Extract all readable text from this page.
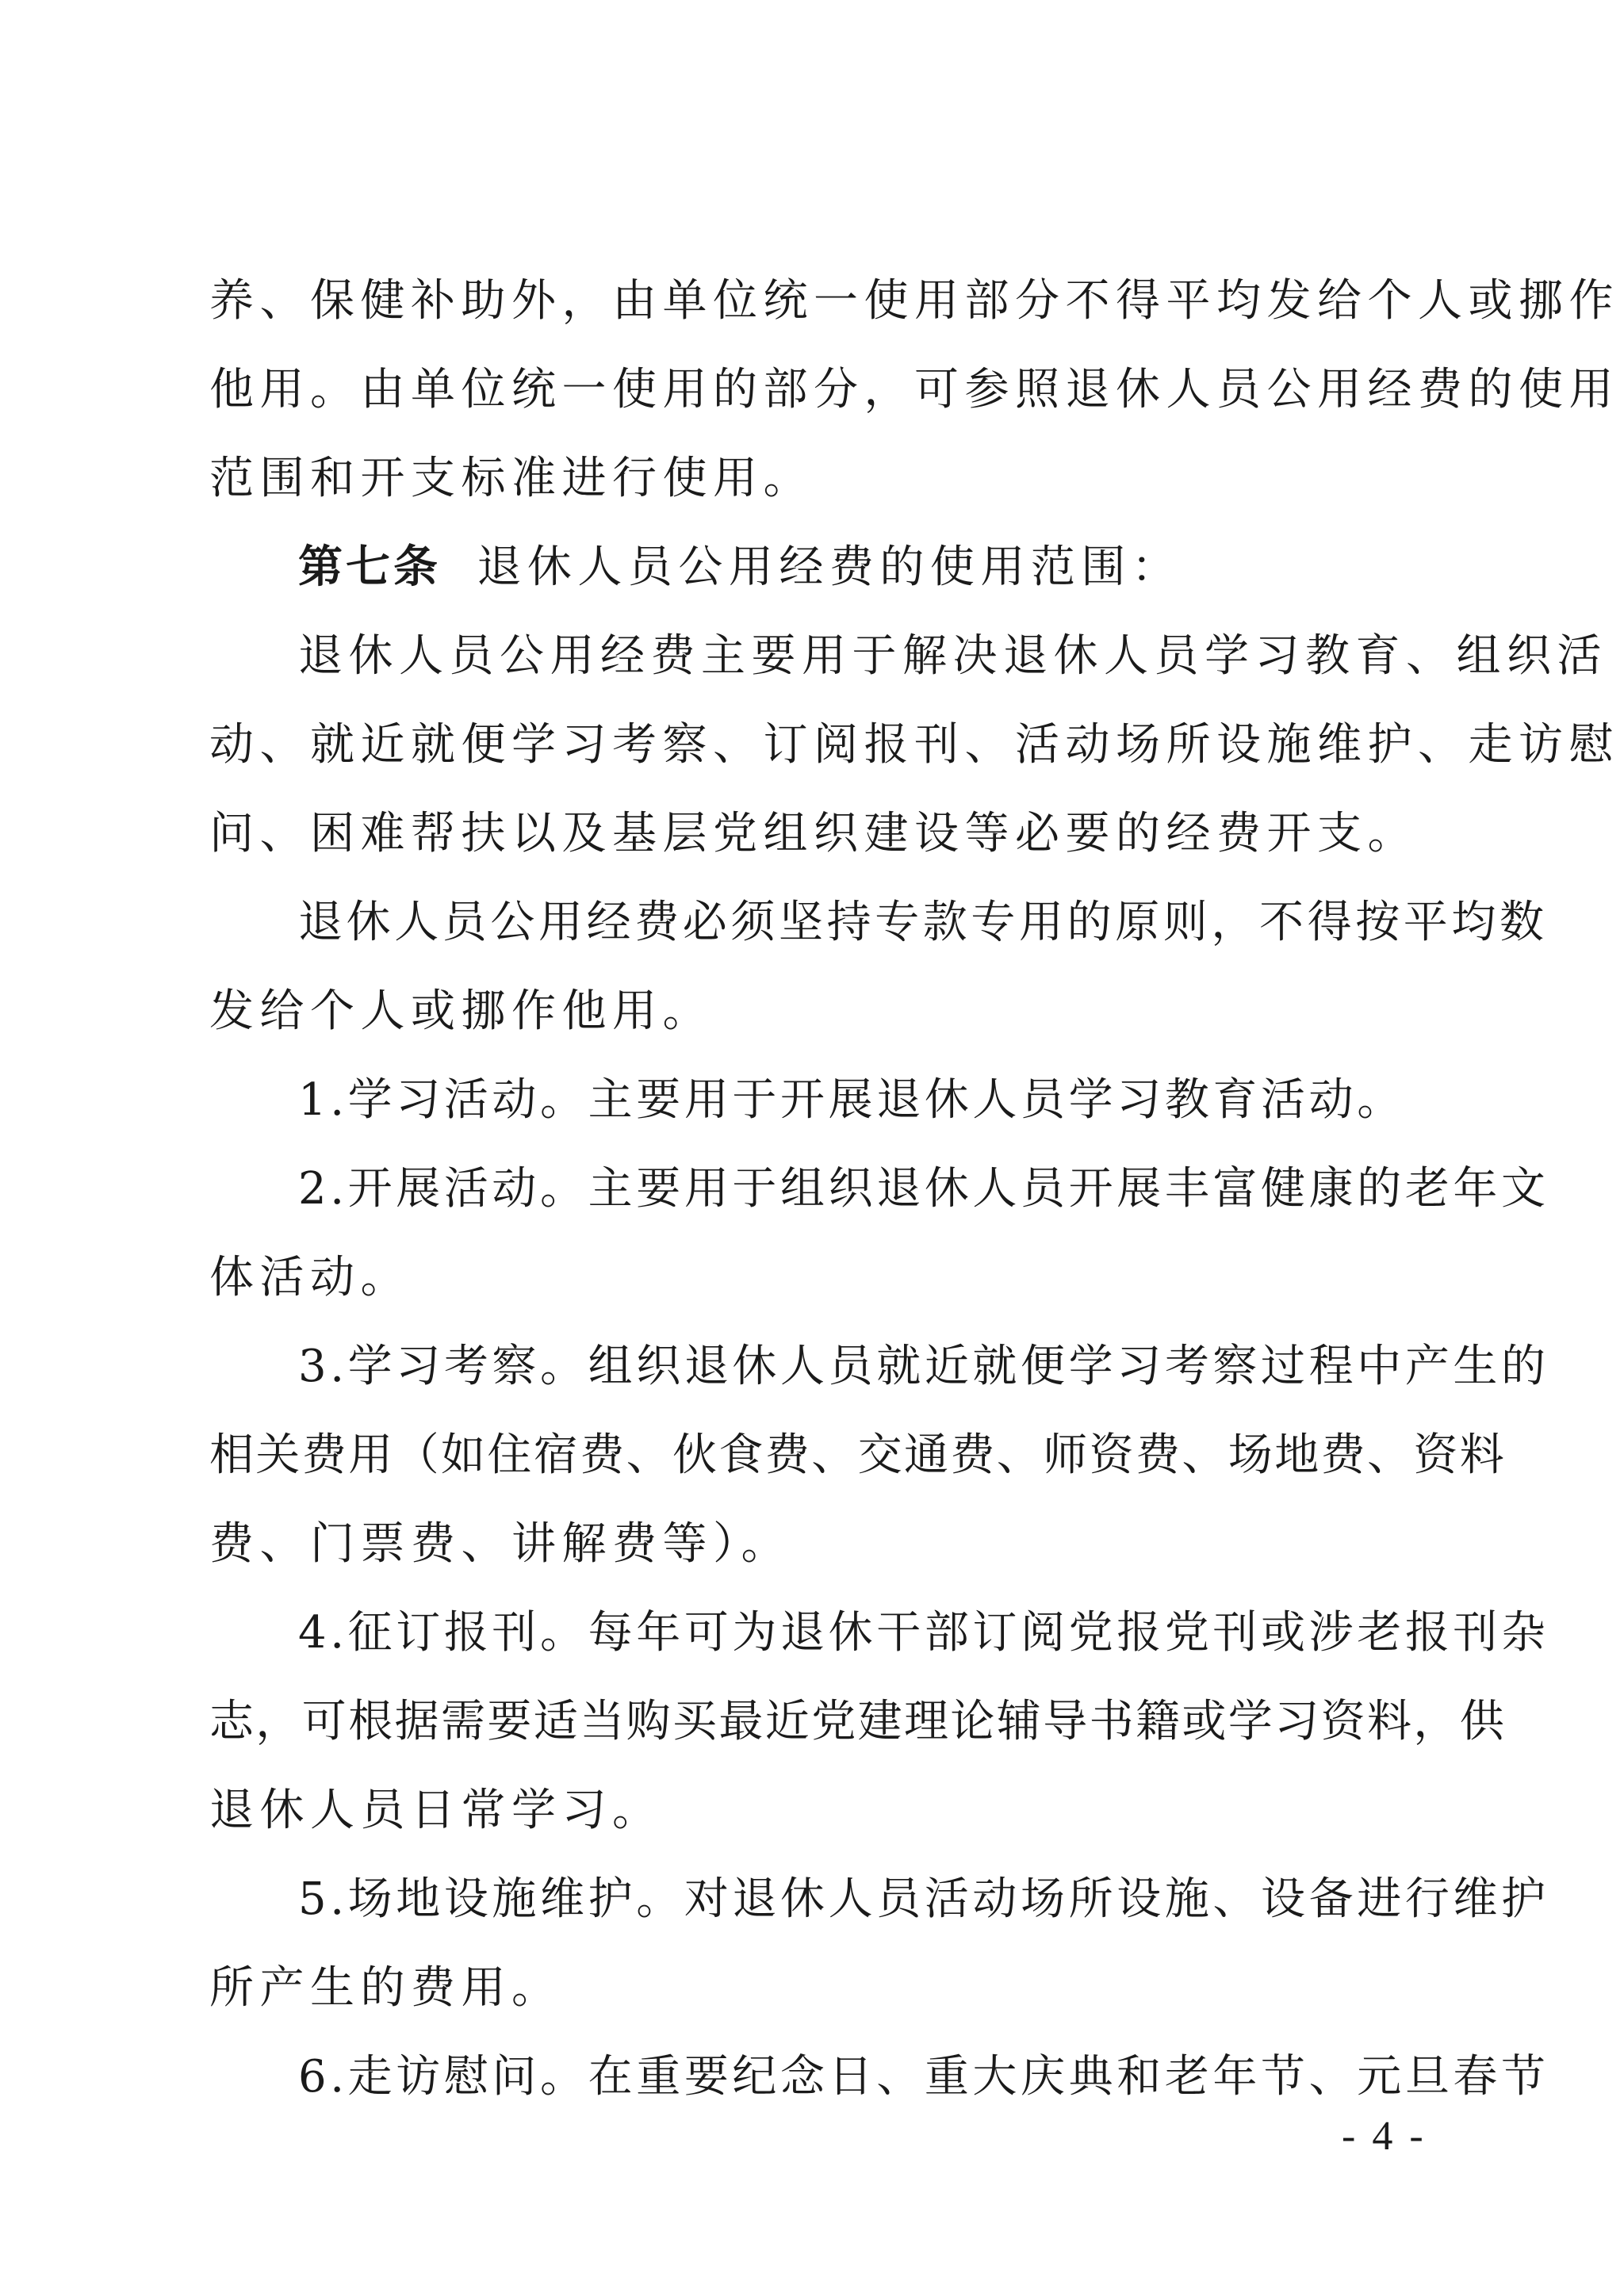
养、保健补助外，由单位统一使用部分不得平均发给个人或挪作
他用。由单位统一使用的部分，可参照退休人员公用经费的使用
范围和开支标准进行使用。
第七条 退休人员公用经费的使用范围：
退休人员公用经费主要用于解决退休人员学习教育、组织活
动、就近就便学习考察、订阅报刊、活动场所设施维护、走访慰
问、困难帮扶以及基层党组织建设等必要的经费开支。
退休人员公用经费必须坚持专款专用的原则，不得按平均数
发给个人或挪作他用。
1.学习活动。主要用于开展退休人员学习教育活动。
2.开展活动。主要用于组织退休人员开展丰富健康的老年文
体活动。
3.学习考察。组织退休人员就近就便学习考察过程中产生的
相关费用（如住宿费、伙食费、交通费、师资费、场地费、资料
费、门票费、讲解费等）。
4.征订报刊。每年可为退休干部订阅党报党刊或涉老报刊杂
志，可根据需要适当购买最近党建理论辅导书籍或学习资料，供
退休人员日常学习。
5.场地设施维护。对退休人员活动场所设施、设备进行维护
所产生的费用。
6.走访慰问。在重要纪念日、重大庆典和老年节、元旦春节
- 4 -
